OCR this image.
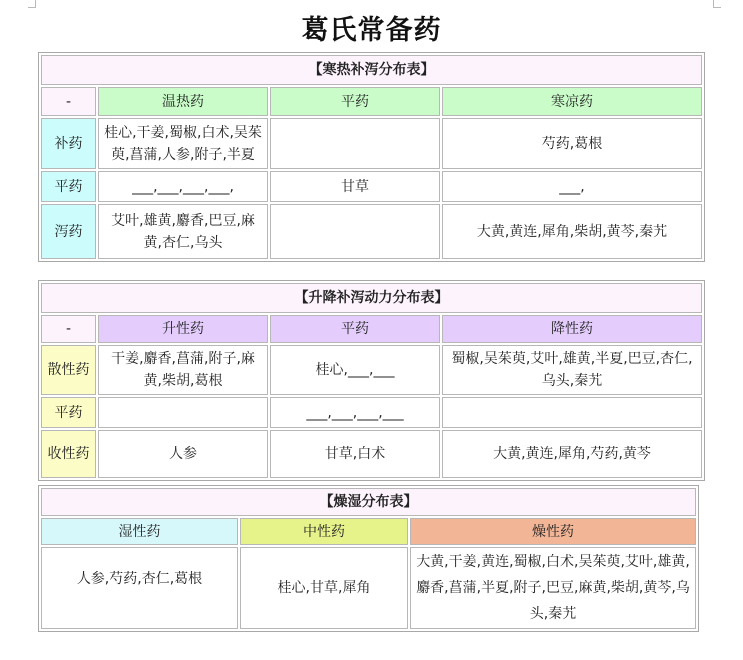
葛氏常备药
【寒热补泻分布表】			
-	温热药	平药	寒凉药
补药	桂心,干姜,蜀椒,白术,吴茱萸,菖蒲,人参,附子,半夏		芍药,葛根
平药	___,___,___,___,	甘草	___,
泻药	艾叶,雄黄,麝香,巴豆,麻黄,杏仁,乌头		大黄,黄连,犀角,柴胡,黄芩,秦艽
【升降补泻动力分布表】			
-	升性药	平药	降性药
散性药	干姜,麝香,菖蒲,附子,麻黄,柴胡,葛根	桂心,___,___	蜀椒,吴茱萸,艾叶,雄黄,半夏,巴豆,杏仁,乌头,秦艽
平药		___,___,___,___	
收性药	人参	甘草,白术	大黄,黄连,犀角,芍药,黄芩
【燥湿分布表】		
湿性药	中性药	燥性药
人参,芍药,杏仁,葛根	桂心,甘草,犀角	大黄,干姜,黄连,蜀椒,白术,吴茱萸,艾叶,雄黄,麝香,菖蒲,半夏,附子,巴豆,麻黄,柴胡,黄芩,乌头,秦艽
